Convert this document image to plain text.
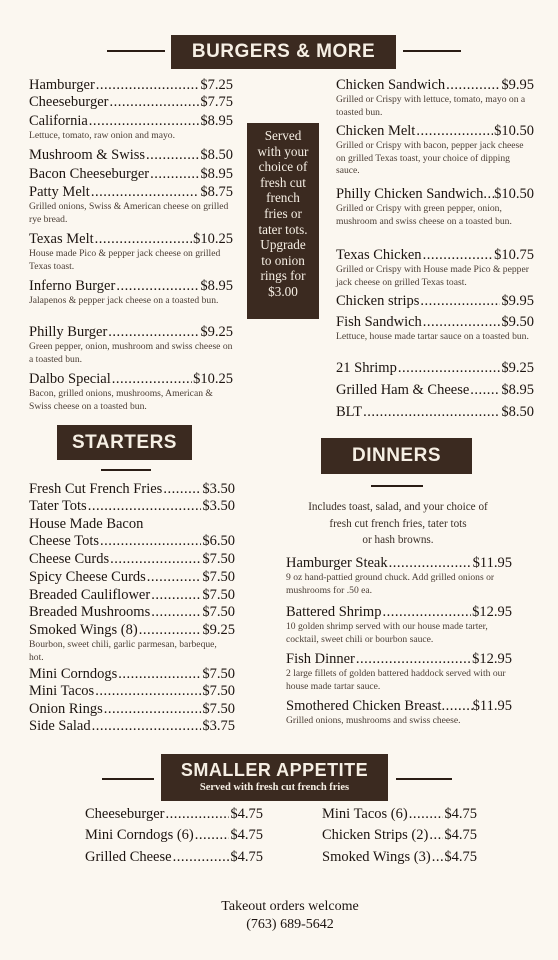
BURGERS & MORE
Served
with your
choice of
fresh cut
french
fries or
tater tots.
Upgrade
to onion
rings for
$3.00
Hamburger .....	$7.25
Cheeseburger .....	$7.75
California .....	$8.95
Lettuce, tomato, raw onion and mayo.
Mushroom & Swiss .....	$8.50
Bacon Cheeseburger .....	$8.95
Patty Melt .....	$8.75
Grilled onions, Swiss & American cheese on grilled rye bread.
Texas Melt .....	$10.25
House made Pico & pepper jack cheese on grilled Texas toast.
Inferno Burger .....	$8.95
Jalapenos & pepper jack cheese on a toasted bun.
Philly Burger .....	$9.25
Green pepper, onion, mushroom and swiss cheese on a toasted bun.
Dalbo Special .....	$10.25
Bacon, grilled onions, mushrooms, American & Swiss cheese on a toasted bun.
Chicken Sandwich .....	$9.95
Grilled or Crispy with lettuce, tomato, mayo on a toasted bun.
Chicken Melt .....	$10.50
Grilled or Crispy with bacon, pepper jack cheese on grilled Texas toast, your choice of dipping sauce.
Philly Chicken Sandwich ..... $10.50
Grilled or Crispy with green pepper, onion, mushroom and swiss cheese on a toasted bun.
Texas Chicken .....	$10.75
Grilled or Crispy with House made Pico & pepper jack cheese on grilled Texas toast.
Chicken strips .....	$9.95
Fish Sandwich .....	$9.50
Lettuce, house made tartar sauce on a toasted bun.
21 Shrimp .....	$9.25
Grilled Ham & Cheese ..... $8.95
BLT .....	$8.50
STARTERS
Fresh Cut French Fries .....	$3.50
Tater Tots .....	$3.50
House Made Bacon
Cheese Tots .....	$6.50
Cheese Curds .....	$7.50
Spicy Cheese Curds .....	$7.50
Breaded Cauliflower .....	$7.50
Breaded Mushrooms .....	$7.50
Smoked Wings (8) .....	$9.25
Bourbon, sweet chili, garlic parmesan, barbeque, hot.
Mini Corndogs .....	$7.50
Mini Tacos .....	$7.50
Onion Rings .....	$7.50
Side Salad .....	$3.75
DINNERS
Includes toast, salad, and your choice of
fresh cut french fries, tater tots
or hash browns.
Hamburger Steak .....	$11.95
9 oz hand-pattied ground chuck. Add grilled onions or mushrooms for .50 ea.
Battered Shrimp .....	$12.95
10 golden shrimp served with our house made tarter, cocktail, sweet chili or bourbon sauce.
Fish Dinner .....	$12.95
2 large fillets of golden battered haddock served with our house made tartar sauce.
Smothered Chicken Breast ..... $11.95
Grilled onions, mushrooms and swiss cheese.
SMALLER APPETITE
Served with fresh cut french fries
Cheeseburger .....	$4.75
Mini Corndogs (6) .....	$4.75
Grilled Cheese .....	$4.75
Mini Tacos (6) .....	$4.75
Chicken Strips (2) ..... $4.75
Smoked Wings (3) ..... $4.75
Takeout orders welcome
(763) 689-5642
